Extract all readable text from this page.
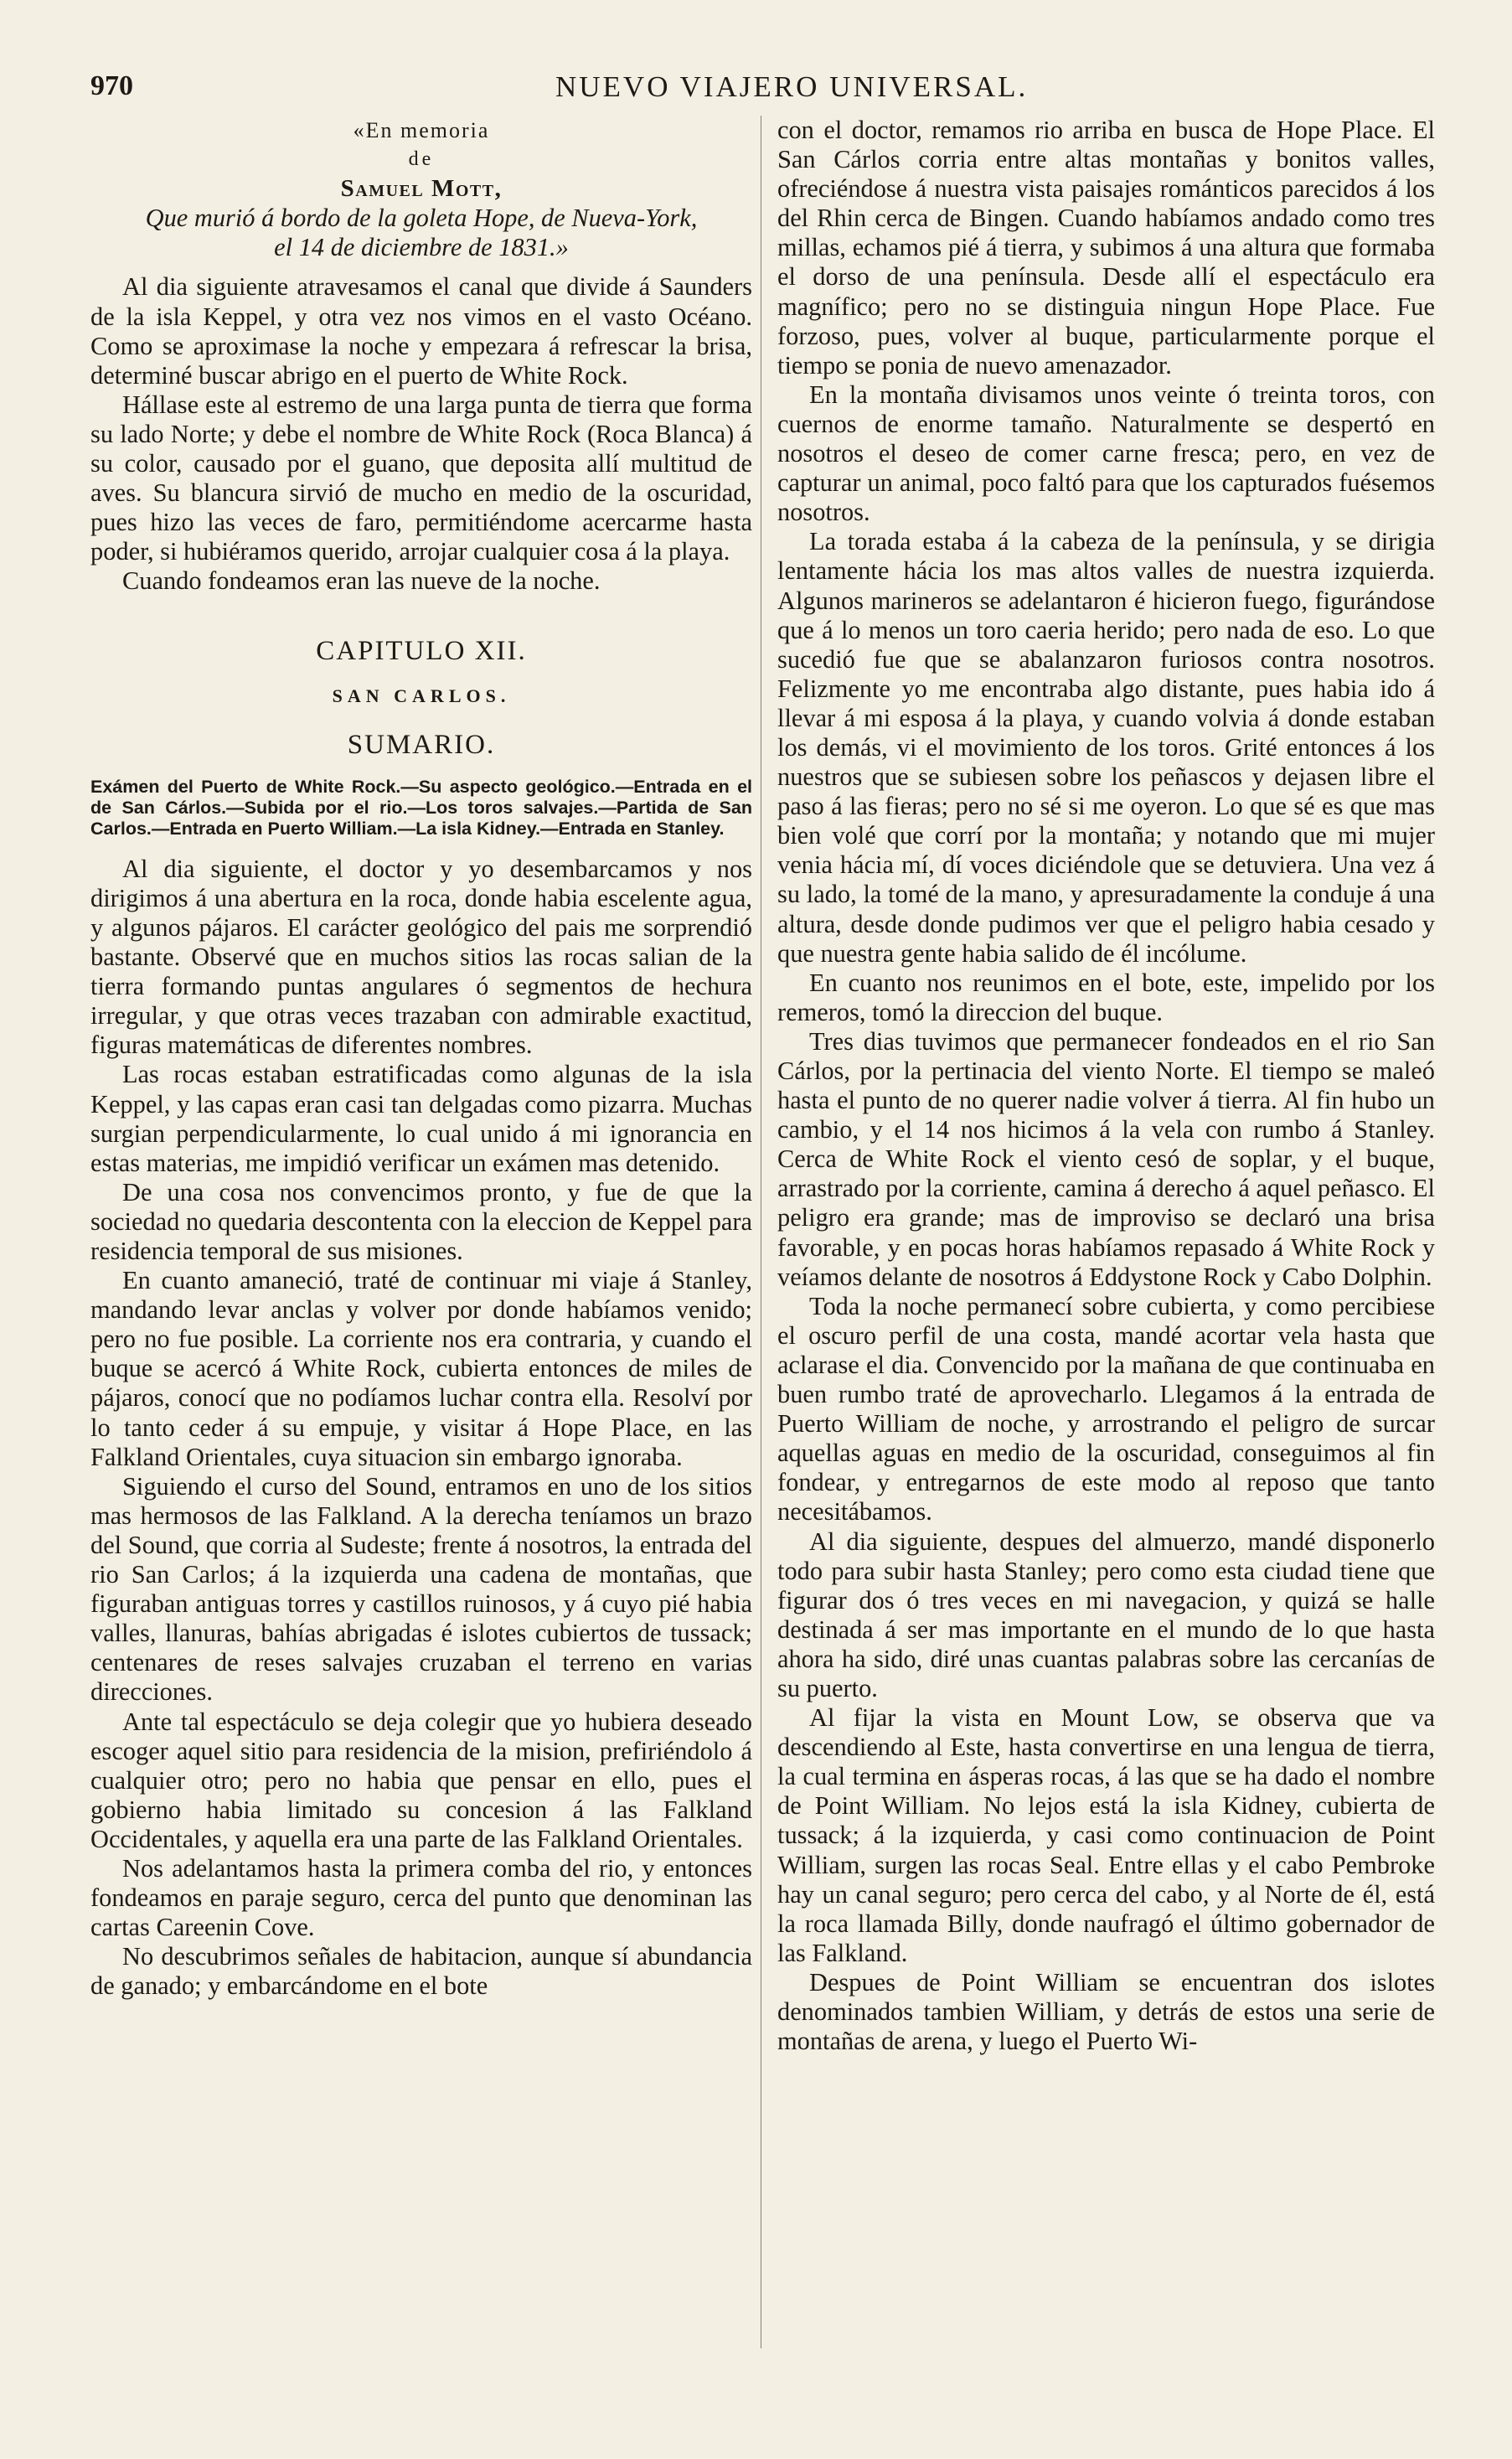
970	NUEVO VIAJERO UNIVERSAL.

«En memoria

de

Samuel Mott,

Que murió á bordo de la goleta Hope, de Nueva-York, el 14 de diciembre de 1831.»

Al dia siguiente atravesamos el canal que divide á Saunders de la isla Keppel, y otra vez nos vimos en el vasto Océano. Como se aproximase la noche y empezara á refrescar la brisa, determiné buscar abrigo en el puerto de White Rock.

Hállase este al estremo de una larga punta de tierra que forma su lado Norte; y debe el nombre de White Rock (Roca Blanca) á su color, causado por el guano, que deposita allí multitud de aves. Su blancura sirvió de mucho en medio de la oscuridad, pues hizo las veces de faro, permitiéndome acercarme hasta poder, si hubiéramos querido, arrojar cualquier cosa á la playa.

Cuando fondeamos eran las nueve de la noche.

CAPITULO XII.

SAN CARLOS.

SUMARIO.

Exámen del Puerto de White Rock.—Su aspecto geológico.—Entrada en el de San Cárlos.—Subida por el rio.—Los toros salvajes.—Partida de San Carlos.—Entrada en Puerto William.—La isla Kidney.—Entrada en Stanley.

Al dia siguiente, el doctor y yo desembarcamos y nos dirigimos á una abertura en la roca, donde habia escelente agua, y algunos pájaros. El carácter geológico del pais me sorprendió bastante. Observé que en muchos sitios las rocas salian de la tierra formando puntas angulares ó segmentos de hechura irregular, y que otras veces trazaban con admirable exactitud, figuras matemáticas de diferentes nombres.

Las rocas estaban estratificadas como algunas de la isla Keppel, y las capas eran casi tan delgadas como pizarra. Muchas surgian perpendicularmente, lo cual unido á mi ignorancia en estas materias, me impidió verificar un exámen mas detenido.

De una cosa nos convencimos pronto, y fue de que la sociedad no quedaria descontenta con la eleccion de Keppel para residencia temporal de sus misiones.

En cuanto amaneció, traté de continuar mi viaje á Stanley, mandando levar anclas y volver por donde habíamos venido; pero no fue posible. La corriente nos era contraria, y cuando el buque se acercó á White Rock, cubierta entonces de miles de pájaros, conocí que no podíamos luchar contra ella. Resolví por lo tanto ceder á su empuje, y visitar á Hope Place, en las Falkland Orientales, cuya situacion sin embargo ignoraba.

Siguiendo el curso del Sound, entramos en uno de los sitios mas hermosos de las Falkland. A la derecha teníamos un brazo del Sound, que corria al Sudeste; frente á nosotros, la entrada del rio San Carlos; á la izquierda una cadena de montañas, que figuraban antiguas torres y castillos ruinosos, y á cuyo pié habia valles, llanuras, bahías abrigadas é islotes cubiertos de tussack; centenares de reses salvajes cruzaban el terreno en varias direcciones.

Ante tal espectáculo se deja colegir que yo hubiera deseado escoger aquel sitio para residencia de la mision, prefiriéndolo á cualquier otro; pero no habia que pensar en ello, pues el gobierno habia limitado su concesion á las Falkland Occidentales, y aquella era una parte de las Falkland Orientales.

Nos adelantamos hasta la primera comba del rio, y entonces fondeamos en paraje seguro, cerca del punto que denominan las cartas Careenin Cove.

No descubrimos señales de habitacion, aunque sí abundancia de ganado; y embarcándome en el bote

con el doctor, remamos rio arriba en busca de Hope Place. El San Cárlos corria entre altas montañas y bonitos valles, ofreciéndose á nuestra vista paisajes románticos parecidos á los del Rhin cerca de Bingen. Cuando habíamos andado como tres millas, echamos pié á tierra, y subimos á una altura que formaba el dorso de una península. Desde allí el espectáculo era magnífico; pero no se distinguia ningun Hope Place. Fue forzoso, pues, volver al buque, particularmente porque el tiempo se ponia de nuevo amenazador.

En la montaña divisamos unos veinte ó treinta toros, con cuernos de enorme tamaño. Naturalmente se despertó en nosotros el deseo de comer carne fresca; pero, en vez de capturar un animal, poco faltó para que los capturados fuésemos nosotros.

La torada estaba á la cabeza de la península, y se dirigia lentamente hácia los mas altos valles de nuestra izquierda. Algunos marineros se adelantaron é hicieron fuego, figurándose que á lo menos un toro caeria herido; pero nada de eso. Lo que sucedió fue que se abalanzaron furiosos contra nosotros. Felizmente yo me encontraba algo distante, pues habia ido á llevar á mi esposa á la playa, y cuando volvia á donde estaban los demás, vi el movimiento de los toros. Grité entonces á los nuestros que se subiesen sobre los peñascos y dejasen libre el paso á las fieras; pero no sé si me oyeron. Lo que sé es que mas bien volé que corrí por la montaña; y notando que mi mujer venia hácia mí, dí voces diciéndole que se detuviera. Una vez á su lado, la tomé de la mano, y apresuradamente la conduje á una altura, desde donde pudimos ver que el peligro habia cesado y que nuestra gente habia salido de él incólume.

En cuanto nos reunimos en el bote, este, impelido por los remeros, tomó la direccion del buque.

Tres dias tuvimos que permanecer fondeados en el rio San Cárlos, por la pertinacia del viento Norte. El tiempo se maleó hasta el punto de no querer nadie volver á tierra. Al fin hubo un cambio, y el 14 nos hicimos á la vela con rumbo á Stanley. Cerca de White Rock el viento cesó de soplar, y el buque, arrastrado por la corriente, camina á derecho á aquel peñasco. El peligro era grande; mas de improviso se declaró una brisa favorable, y en pocas horas habíamos repasado á White Rock y veíamos delante de nosotros á Eddystone Rock y Cabo Dolphin.

Toda la noche permanecí sobre cubierta, y como percibiese el oscuro perfil de una costa, mandé acortar vela hasta que aclarase el dia. Convencido por la mañana de que continuaba en buen rumbo traté de aprovecharlo. Llegamos á la entrada de Puerto William de noche, y arrostrando el peligro de surcar aquellas aguas en medio de la oscuridad, conseguimos al fin fondear, y entregarnos de este modo al reposo que tanto necesitábamos.

Al dia siguiente, despues del almuerzo, mandé disponerlo todo para subir hasta Stanley; pero como esta ciudad tiene que figurar dos ó tres veces en mi navegacion, y quizá se halle destinada á ser mas importante en el mundo de lo que hasta ahora ha sido, diré unas cuantas palabras sobre las cercanías de su puerto.

Al fijar la vista en Mount Low, se observa que va descendiendo al Este, hasta convertirse en una lengua de tierra, la cual termina en ásperas rocas, á las que se ha dado el nombre de Point William. No lejos está la isla Kidney, cubierta de tussack; á la izquierda, y casi como continuacion de Point William, surgen las rocas Seal. Entre ellas y el cabo Pembroke hay un canal seguro; pero cerca del cabo, y al Norte de él, está la roca llamada Billy, donde naufragó el último gobernador de las Falkland.

Despues de Point William se encuentran dos islotes denominados tambien William, y detrás de estos una serie de montañas de arena, y luego el Puerto Wi-
